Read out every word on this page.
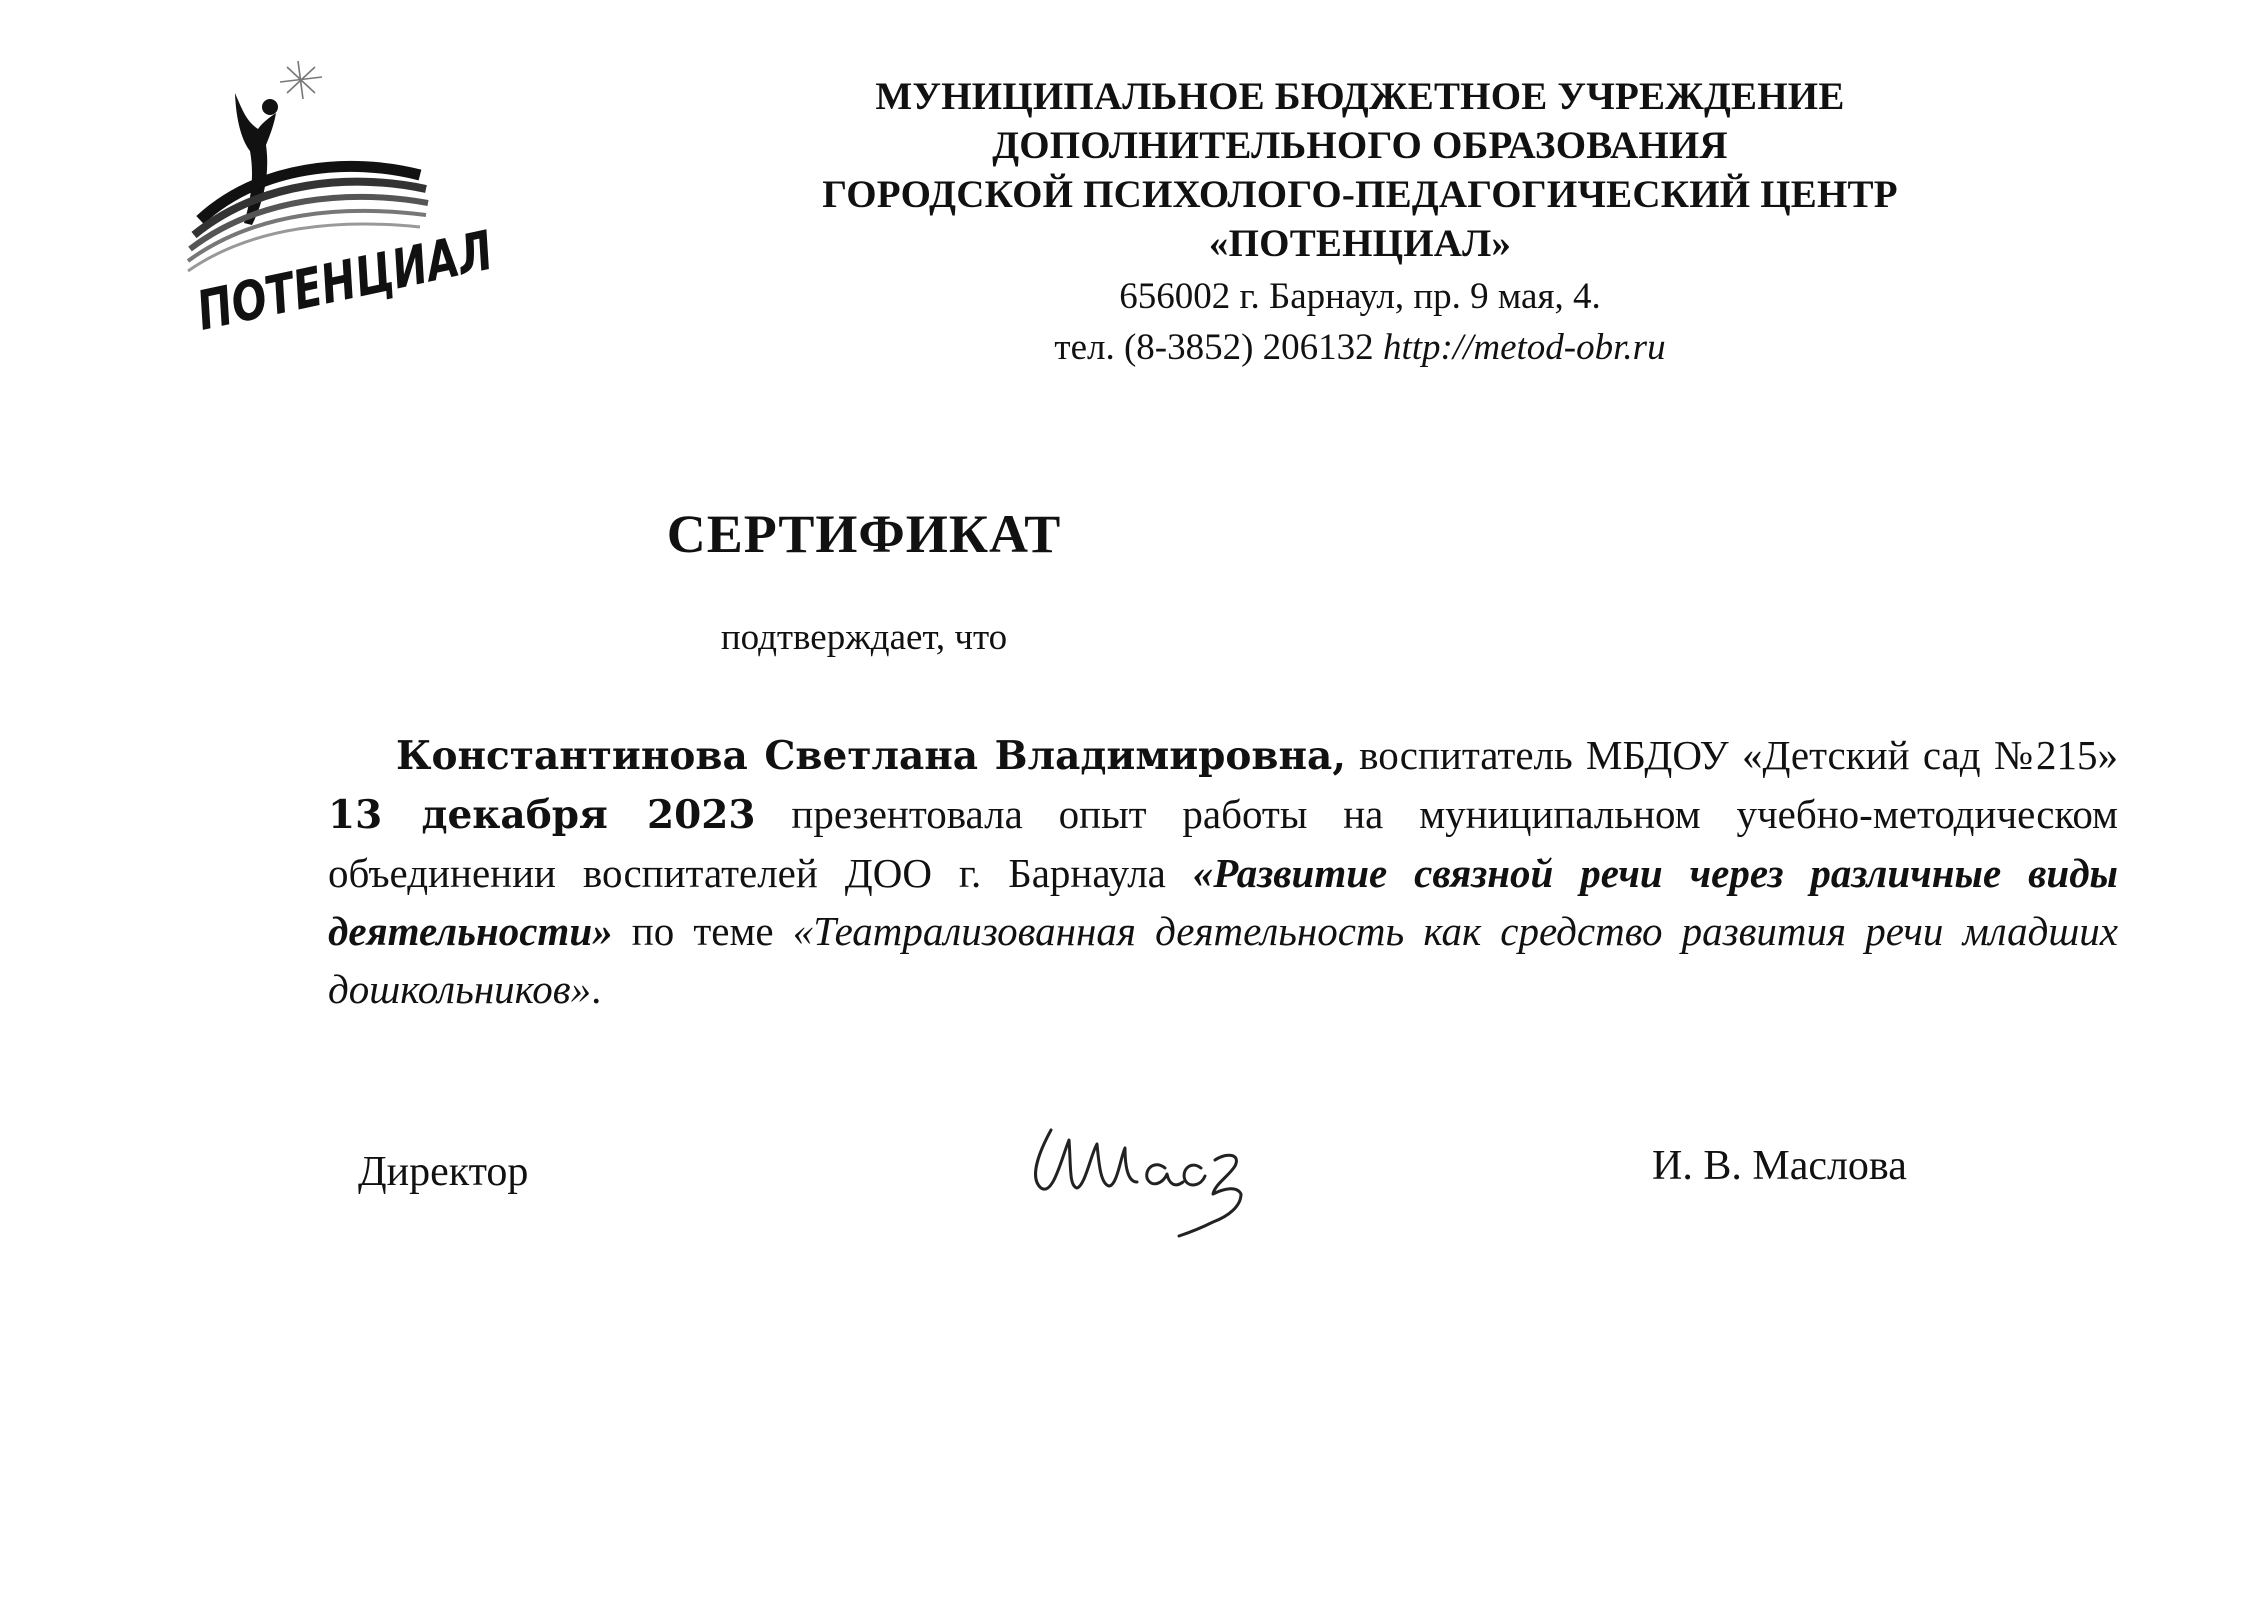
ПОТЕНЦИАЛ
МУНИЦИПАЛЬНОЕ БЮДЖЕТНОЕ УЧРЕЖДЕНИЕ
ДОПОЛНИТЕЛЬНОГО ОБРАЗОВАНИЯ
ГОРОДСКОЙ ПСИХОЛОГО-ПЕДАГОГИЧЕСКИЙ ЦЕНТР
«ПОТЕНЦИАЛ»
656002 г. Барнаул, пр. 9 мая, 4.
тел. (8-3852) 206132 http://metod-obr.ru
СЕРТИФИКАТ
подтверждает, что
Константинова Светлана Владимировна, воспитатель МБДОУ «Детский сад №215» 13 декабря 2023 презентовала опыт работы на муниципальном учебно-методическом объединении воспитателей ДОО г. Барнаула «Развитие связной речи через различные виды деятельности» по теме «Театрализованная деятельность как средство развития речи младших дошкольников».
Директор	И. В. Маслова
